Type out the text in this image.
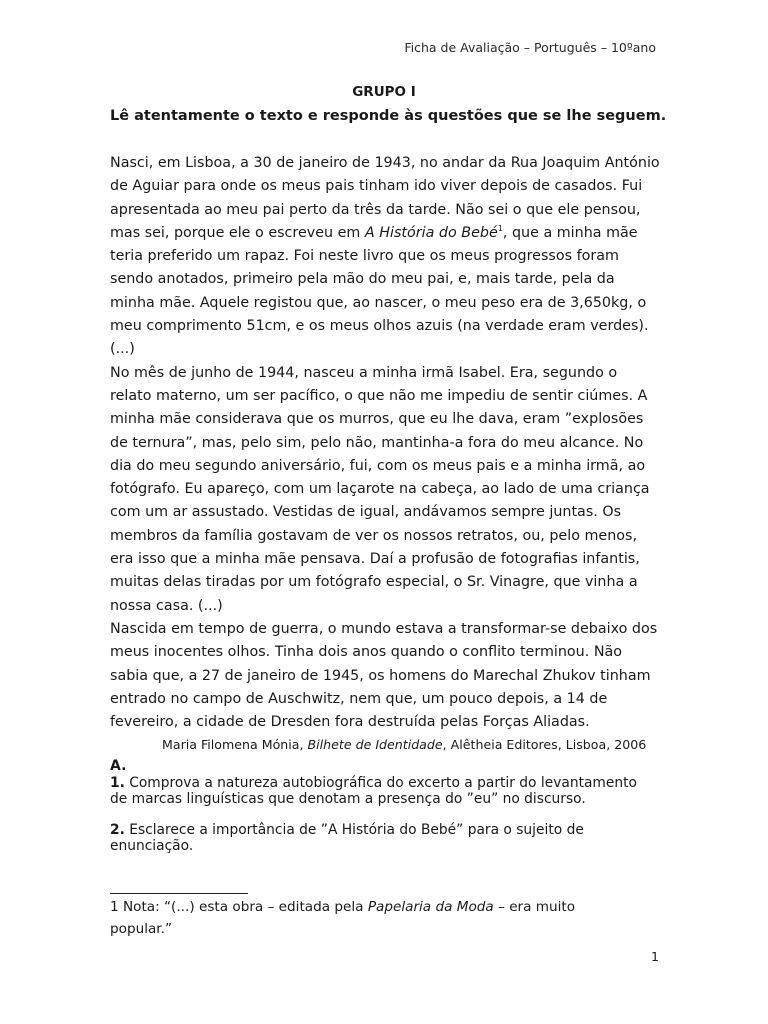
Ficha de Avaliação – Português – 10ºano
GRUPO I
Lê atentamente o texto e responde às questões que se lhe seguem.
Nasci, em Lisboa, a 30 de janeiro de 1943, no andar da Rua Joaquim António
de Aguiar para onde os meus pais tinham ido viver depois de casados. Fui
apresentada ao meu pai perto da três da tarde. Não sei o que ele pensou,
mas sei, porque ele o escreveu em A História do Bebé$^1$, que a minha mãe
teria preferido um rapaz. Foi neste livro que os meus progressos foram
sendo anotados, primeiro pela mão do meu pai, e, mais tarde, pela da
minha mãe. Aquele registou que, ao nascer, o meu peso era de 3,650kg, o
meu comprimento 51cm, e os meus olhos azuis (na verdade eram verdes).
(...)
No mês de junho de 1944, nasceu a minha irmã Isabel. Era, segundo o
relato materno, um ser pacífico, o que não me impediu de sentir ciúmes. A
minha mãe considerava que os murros, que eu lhe dava, eram ”explosões
de ternura”, mas, pelo sim, pelo não, mantinha-a fora do meu alcance. No
dia do meu segundo aniversário, fui, com os meus pais e a minha irmã, ao
fotógrafo. Eu apareço, com um laçarote na cabeça, ao lado de uma criança
com um ar assustado. Vestidas de igual, andávamos sempre juntas. Os
membros da família gostavam de ver os nossos retratos, ou, pelo menos,
era isso que a minha mãe pensava. Daí a profusão de fotografias infantis,
muitas delas tiradas por um fotógrafo especial, o Sr. Vinagre, que vinha a
nossa casa. (...)
Nascida em tempo de guerra, o mundo estava a transformar-se debaixo dos
meus inocentes olhos. Tinha dois anos quando o conflito terminou. Não
sabia que, a 27 de janeiro de 1945, os homens do Marechal Zhukov tinham
entrado no campo de Auschwitz, nem que, um pouco depois, a 14 de
fevereiro, a cidade de Dresden fora destruída pelas Forças Aliadas.
Maria Filomena Mónia, Bilhete de Identidade, Alêtheia Editores, Lisboa, 2006
A.
1. Comprova a natureza autobiográfica do excerto a partir do levantamento
de marcas linguísticas que denotam a presença do ”eu” no discurso.
2. Esclarece a importância de ”A História do Bebé” para o sujeito de
enunciação.
1 Nota: “(...) esta obra – editada pela Papelaria da Moda – era muito
popular.”
1
